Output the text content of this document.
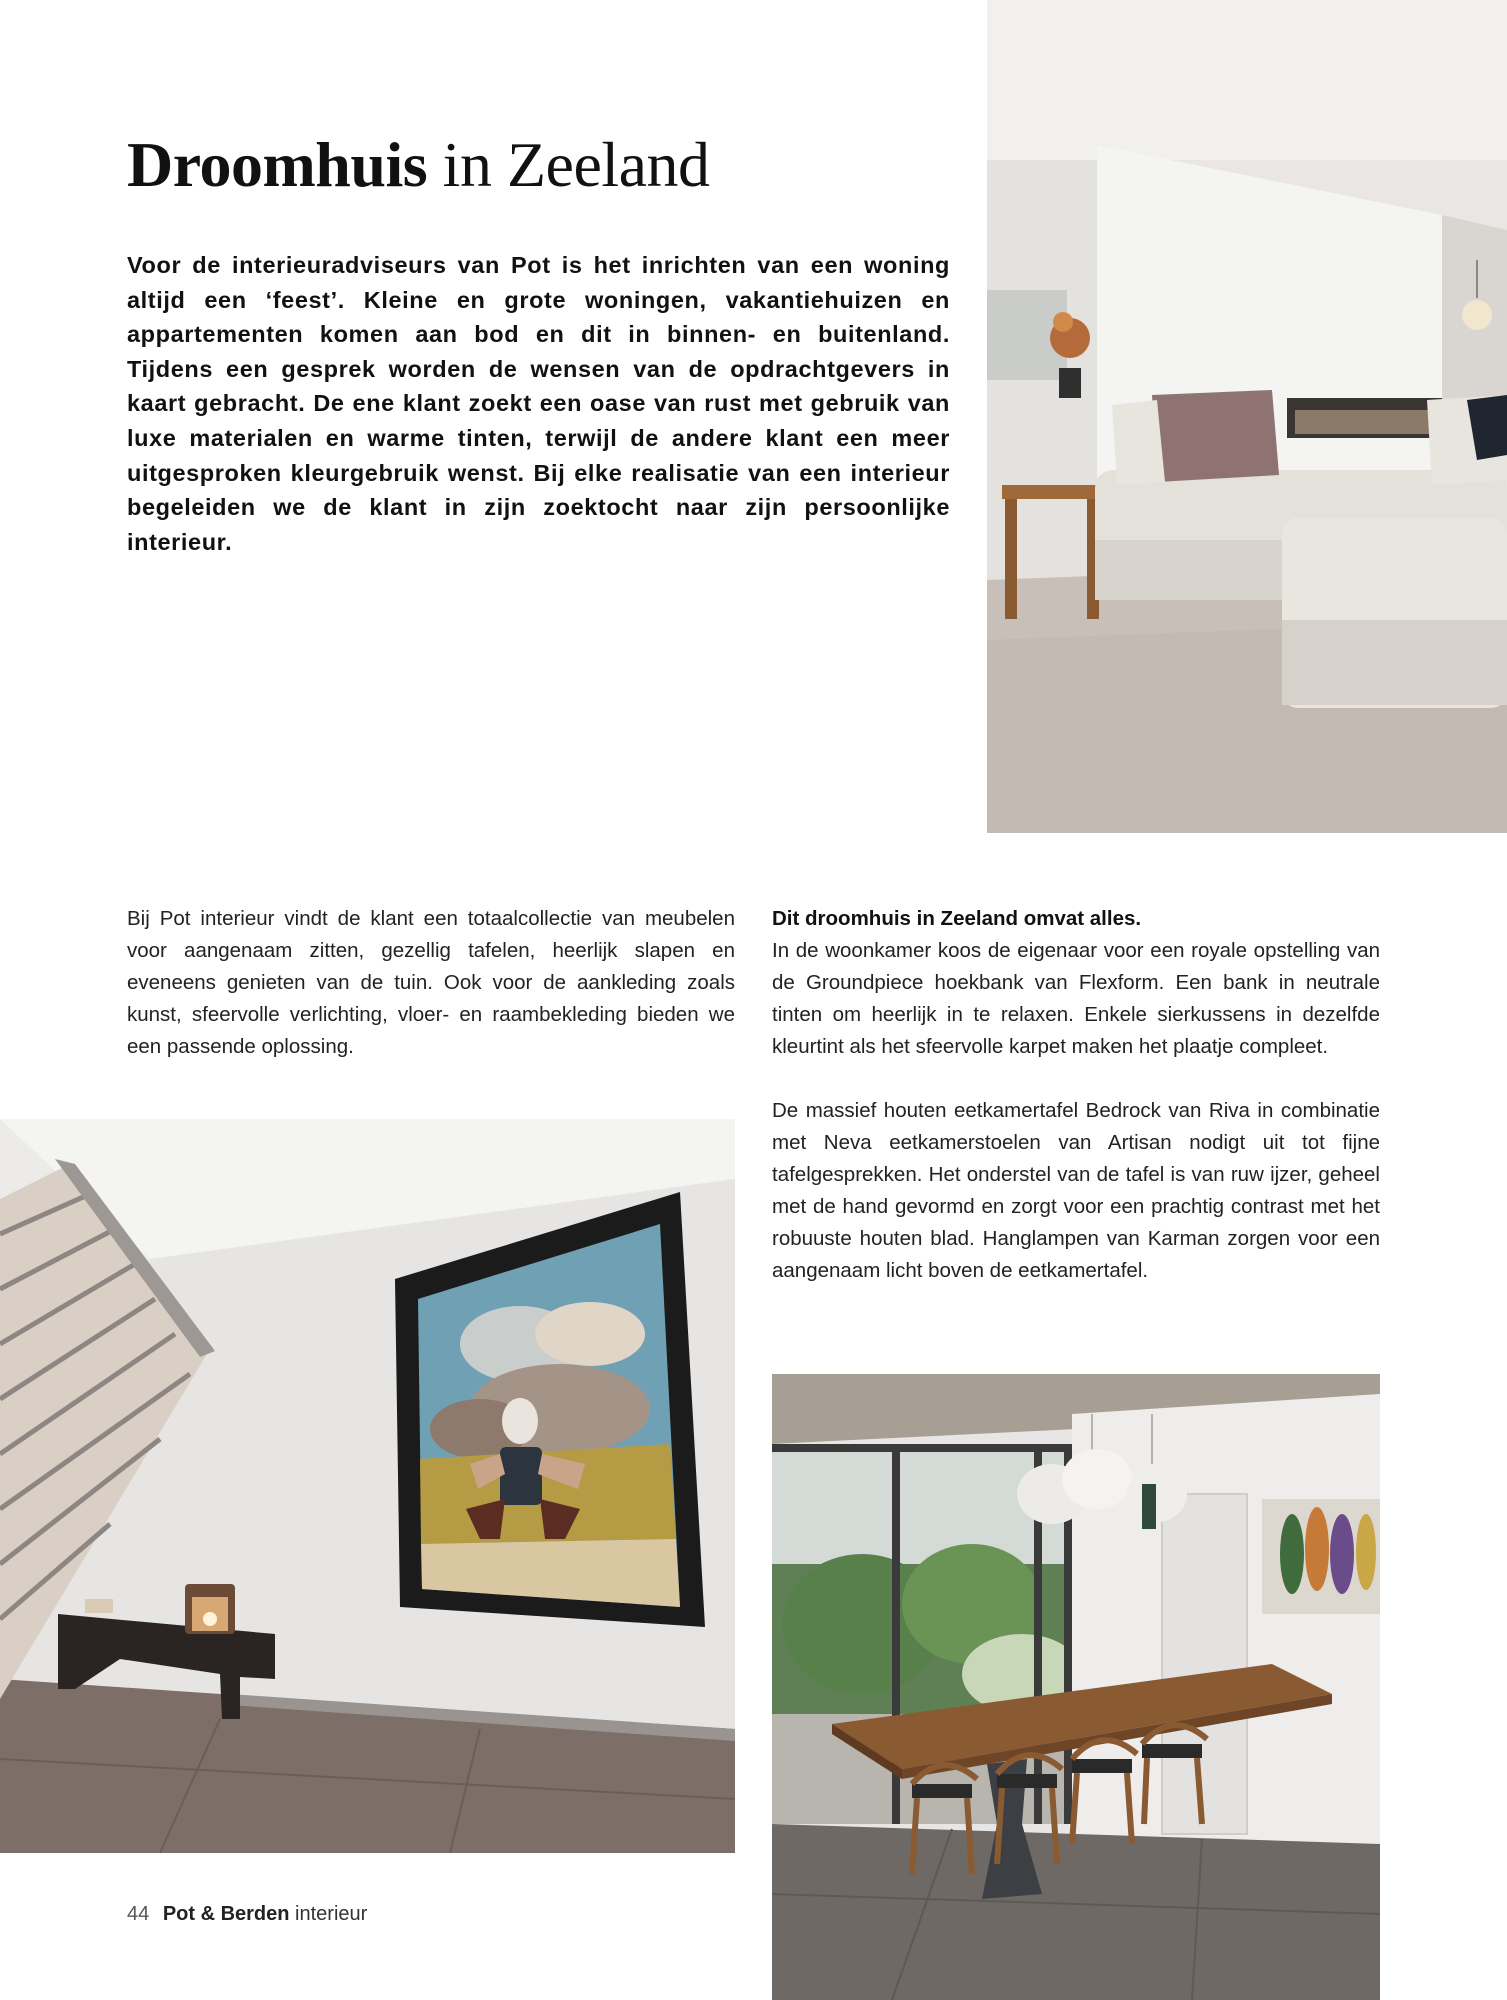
Droomhuis in Zeeland

Voor de interieuradviseurs van Pot is het inrichten van een woning altijd een ‘feest’. Kleine en grote woningen, vakantiehuizen en appartementen komen aan bod en dit in binnen- en buitenland. Tijdens een gesprek worden de wensen van de opdrachtgevers in kaart gebracht. De ene klant zoekt een oase van rust met gebruik van luxe materialen en warme tinten, terwijl de andere klant een meer uitgesproken kleurgebruik wenst. Bij elke realisatie van een interieur begeleiden we de klant in zijn zoektocht naar zijn persoonlijke interieur.

Bij Pot interieur vindt de klant een totaalcollectie van meubelen voor aangenaam zitten, gezellig tafelen, heerlijk slapen en eveneens genieten van de tuin. Ook voor de aankleding zoals kunst, sfeervolle verlichting, vloer- en raambekleding bieden we een passende oplossing.

Dit droomhuis in Zeeland omvat alles.
In de woonkamer koos de eigenaar voor een royale opstelling van de Groundpiece hoekbank van Flexform. Een bank in neutrale tinten om heerlijk in te relaxen. Enkele sierkussens in dezelfde kleurtint als het sfeervolle karpet maken het plaatje compleet.

De massief houten eetkamertafel Bedrock van Riva in combinatie met Neva eetkamerstoelen van Artisan nodigt uit tot fijne tafelgesprekken. Het onderstel van de tafel is van ruw ijzer, geheel met de hand gevormd en zorgt voor een prachtig contrast met het robuuste houten blad. Hanglampen van Karman zorgen voor een aangenaam licht boven de eetkamertafel.

44 Pot & Berden interieur
